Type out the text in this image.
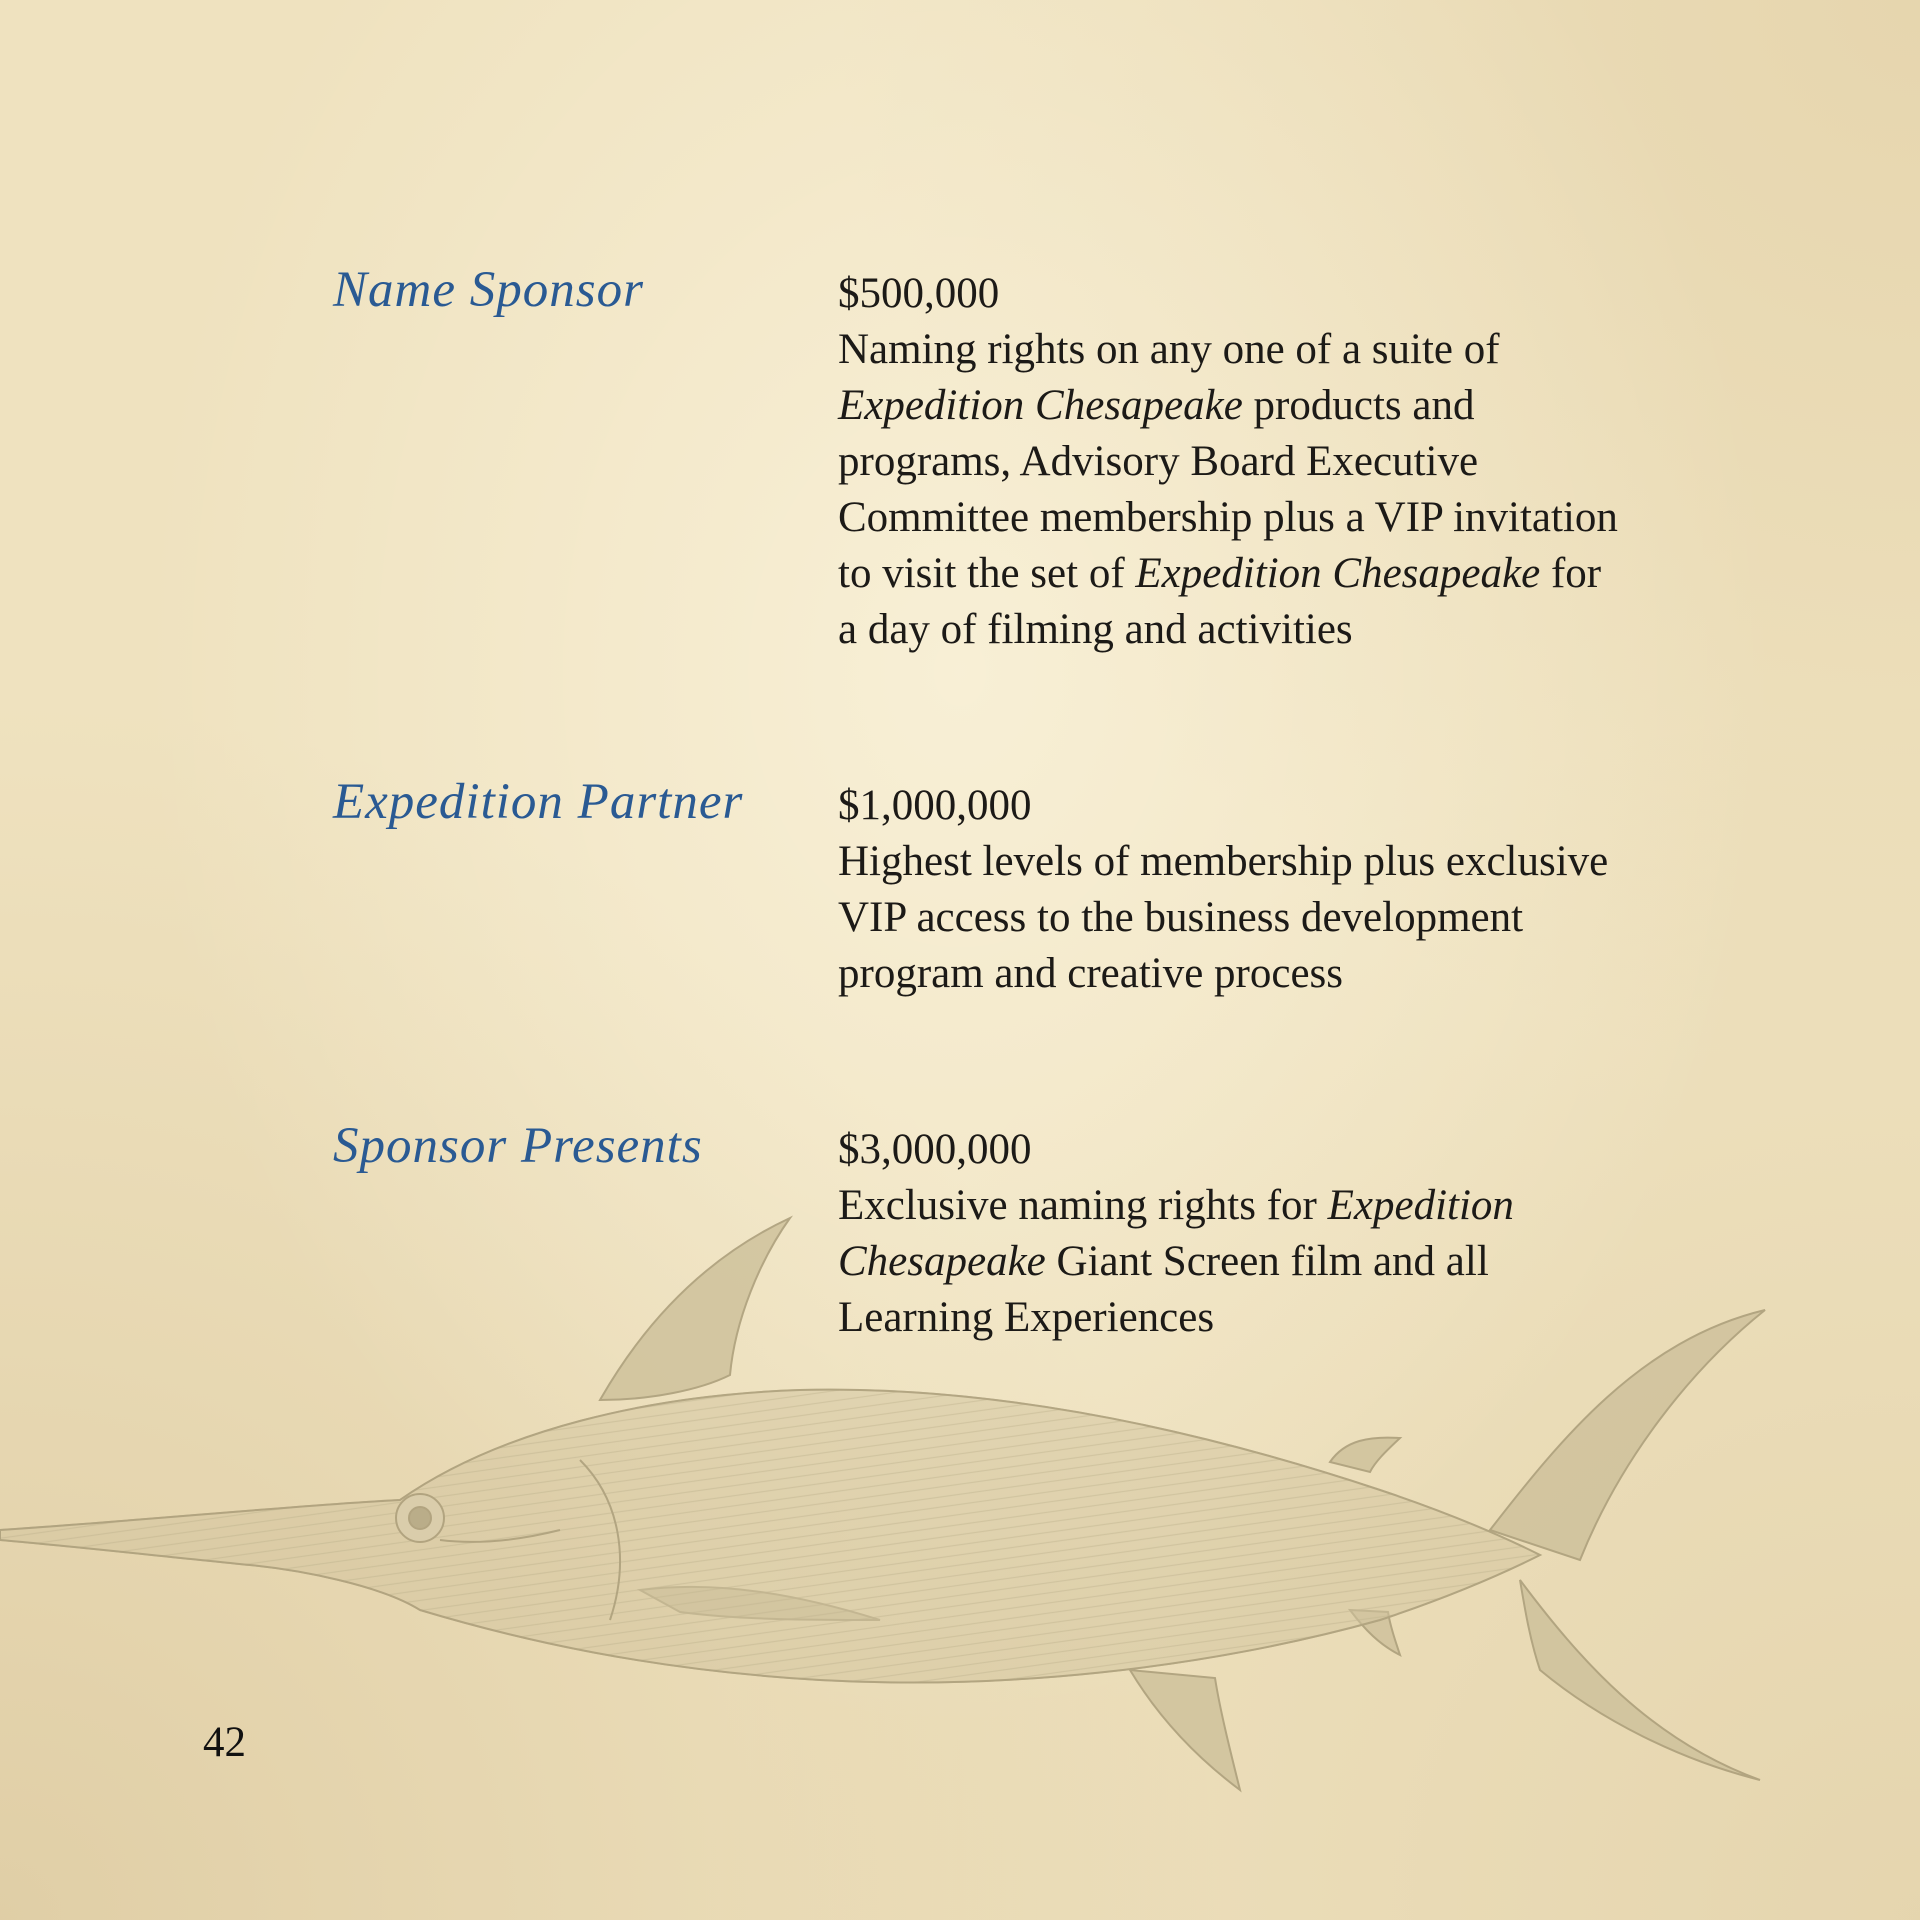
Name Sponsor	$500,000
Naming rights on any one of a suite of Expedition Chesapeake products and programs, Advisory Board Executive Committee membership plus a VIP invitation to visit the set of Expedition Chesapeake for a day of filming and activities
Expedition Partner $1,000,000
Highest levels of membership plus exclusive VIP access to the business development program and creative process
Sponsor Presents	$3,000,000
Exclusive naming rights for Expedition Chesapeake Giant Screen film and all Learning Experiences
42
